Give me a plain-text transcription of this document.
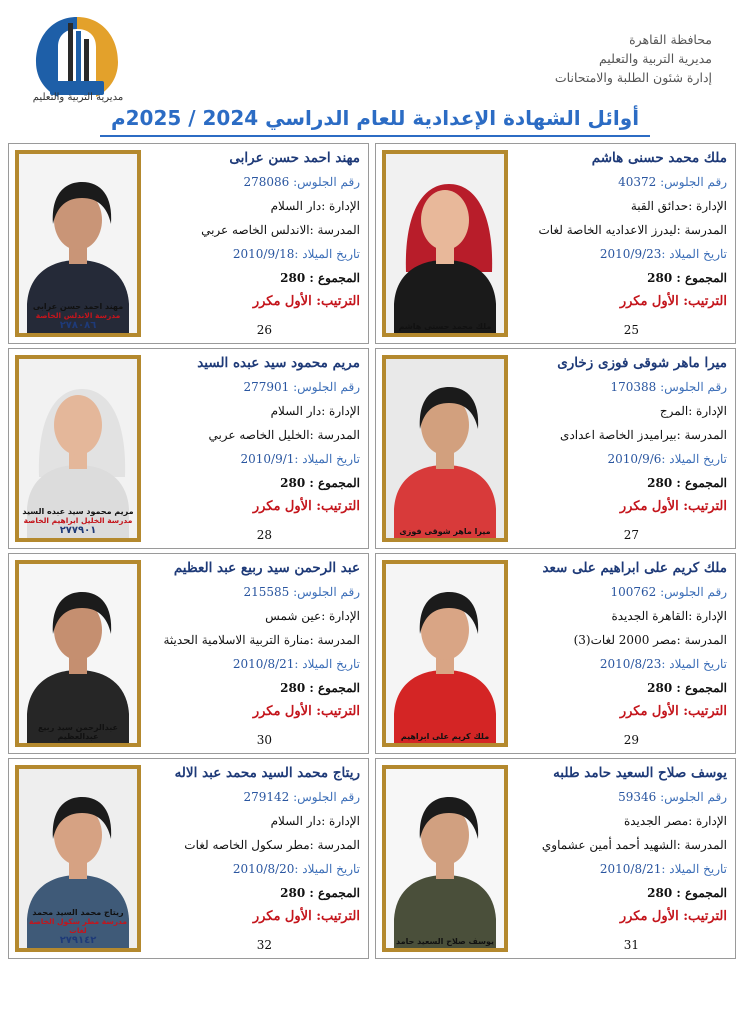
مديرية التربية والتعليم
محافظة القاهرة
مديرية التربية والتعليم
إدارة شئون الطلبة والامتحانات
أوائل الشهادة الإعدادية للعام الدراسي 2024 / 2025م
ملك محمد حسنى هاشم
ملك محمد حسنى هاشم
رقم الجلوس: 40372
الإدارة :حدائق القبة
المدرسة :ليدرز الاعداديه الخاصة لغات
تاريخ الميلاد :2010/9/23
المجموع : 280
الترتيب: الأول مكرر
25
مهند احمد حسن عرابى
مدرسة الاندلس الخاصة
٢٧٨٠٨٦
مهند احمد حسن عرابى
رقم الجلوس: 278086
الإدارة :دار السلام
المدرسة :الاندلس الخاصه عربي
تاريخ الميلاد :2010/9/18
المجموع : 280
الترتيب: الأول مكرر
26
ميرا ماهر شوقى فوزى
ميرا ماهر شوقى فوزى زخارى
رقم الجلوس: 170388
الإدارة :المرج
المدرسة :بيراميدز الخاصة اعدادى
تاريخ الميلاد :2010/9/6
المجموع : 280
الترتيب: الأول مكرر
27
مريم محمود سيد عبده السيد
مدرسة الخليل ابراهيم الخاصة
٢٧٧٩٠١
مريم محمود سيد عبده السيد
رقم الجلوس: 277901
الإدارة :دار السلام
المدرسة :الخليل الخاصه عربي
تاريخ الميلاد :2010/9/1
المجموع : 280
الترتيب: الأول مكرر
28
ملك كريم على ابراهيم
ملك كريم على ابراهيم على سعد
رقم الجلوس: 100762
الإدارة :القاهرة الجديدة
المدرسة :مصر 2000 لغات(3)
تاريخ الميلاد :2010/8/23
المجموع : 280
الترتيب: الأول مكرر
29
عبدالرحمن سيد ربيع عبدالعظيم
عبد الرحمن سيد ربيع عبد العظيم
رقم الجلوس: 215585
الإدارة :عين شمس
المدرسة :منارة التربية الاسلامية الحديثة
تاريخ الميلاد :2010/8/21
المجموع : 280
الترتيب: الأول مكرر
30
يوسف صلاح السعيد حامد
يوسف صلاح السعيد حامد طلبه
رقم الجلوس: 59346
الإدارة :مصر الجديدة
المدرسة :الشهيد أحمد أمين عشماوي
تاريخ الميلاد :2010/8/21
المجموع : 280
الترتيب: الأول مكرر
31
ريتاج محمد السيد محمد
مدرسة مطر سكول الخاصة لغات
٢٧٩١٤٢
ريتاج محمد السيد محمد عبد الاله
رقم الجلوس: 279142
الإدارة :دار السلام
المدرسة :مطر سكول الخاصه لغات
تاريخ الميلاد :2010/8/20
المجموع : 280
الترتيب: الأول مكرر
32
